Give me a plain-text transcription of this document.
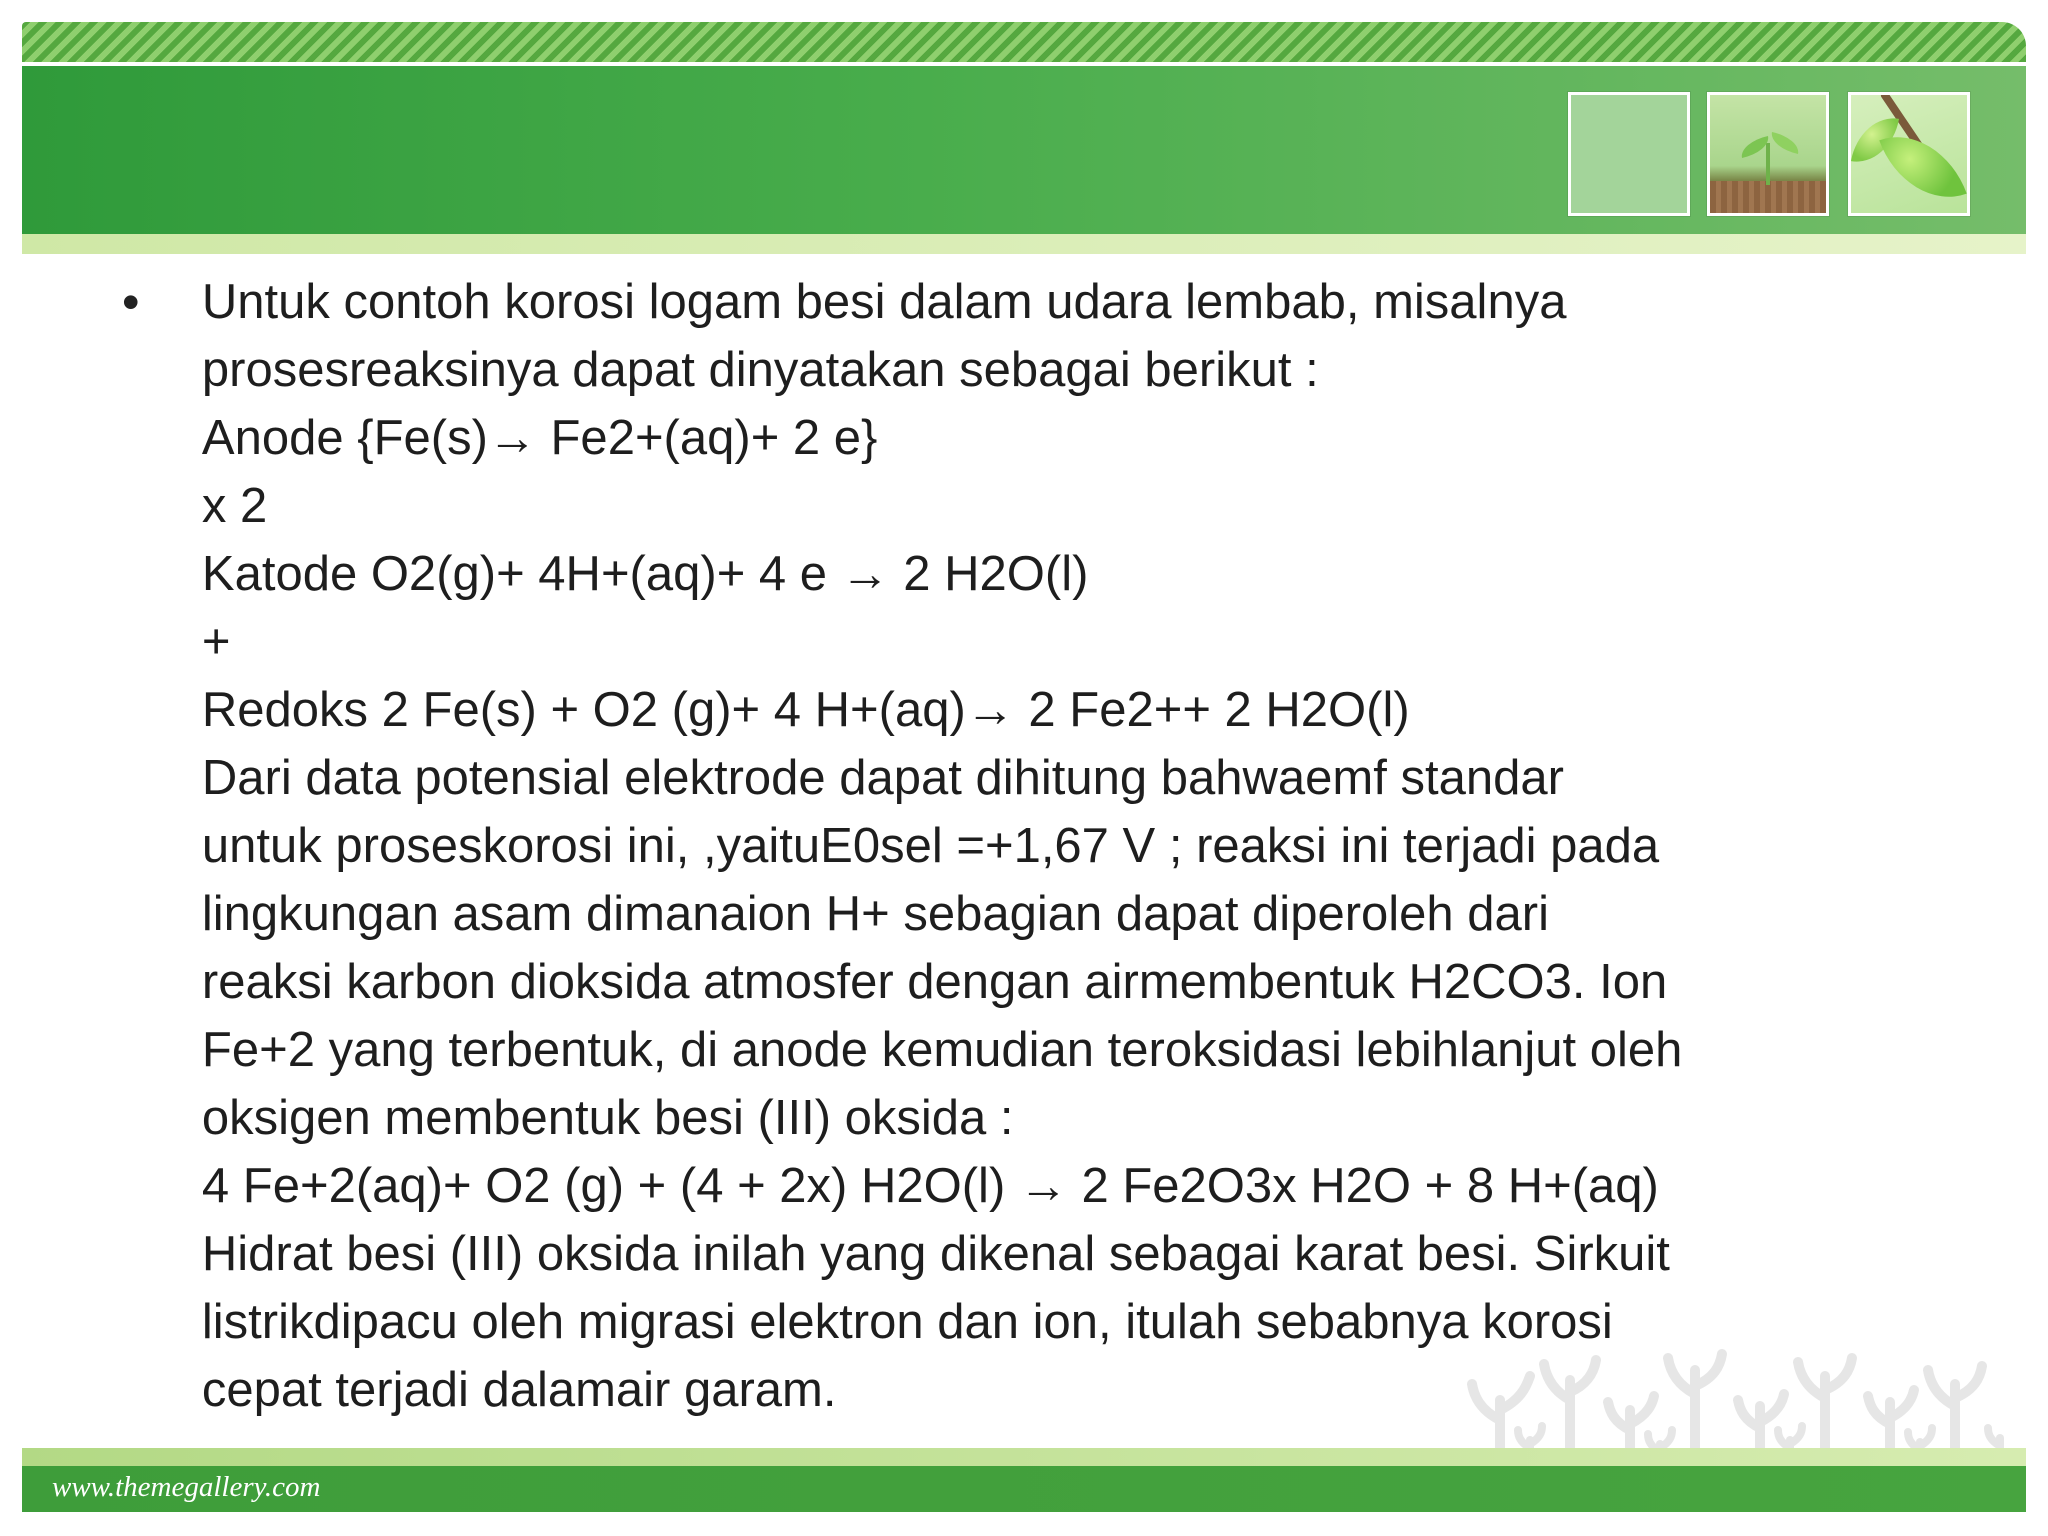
•	Untuk contoh korosi logam besi dalam udara lembab, misalnya

prosesreaksinya dapat dinyatakan sebagai berikut :

Anode {Fe(s)→ Fe2+(aq)+ 2 e}

x 2

Katode O2(g)+ 4H+(aq)+ 4 e → 2 H2O(l)

+

Redoks 2 Fe(s) + O2 (g)+ 4 H+(aq)→ 2 Fe2++ 2 H2O(l)

Dari data potensial elektrode dapat dihitung bahwaemf standar

untuk proseskorosi ini, ,yaituE0sel =+1,67 V ; reaksi ini terjadi pada

lingkungan asam dimanaion H+ sebagian dapat diperoleh dari

reaksi karbon dioksida atmosfer dengan airmembentuk H2CO3. Ion

Fe+2 yang terbentuk, di anode kemudian teroksidasi lebihlanjut oleh

oksigen membentuk besi (III) oksida :

4 Fe+2(aq)+ O2 (g) + (4 + 2x) H2O(l) → 2 Fe2O3x H2O + 8 H+(aq)

Hidrat besi (III) oksida inilah yang dikenal sebagai karat besi. Sirkuit

listrikdipacu oleh migrasi elektron dan ion, itulah sebabnya korosi

cepat terjadi dalamair garam.

www.themegallery.com
